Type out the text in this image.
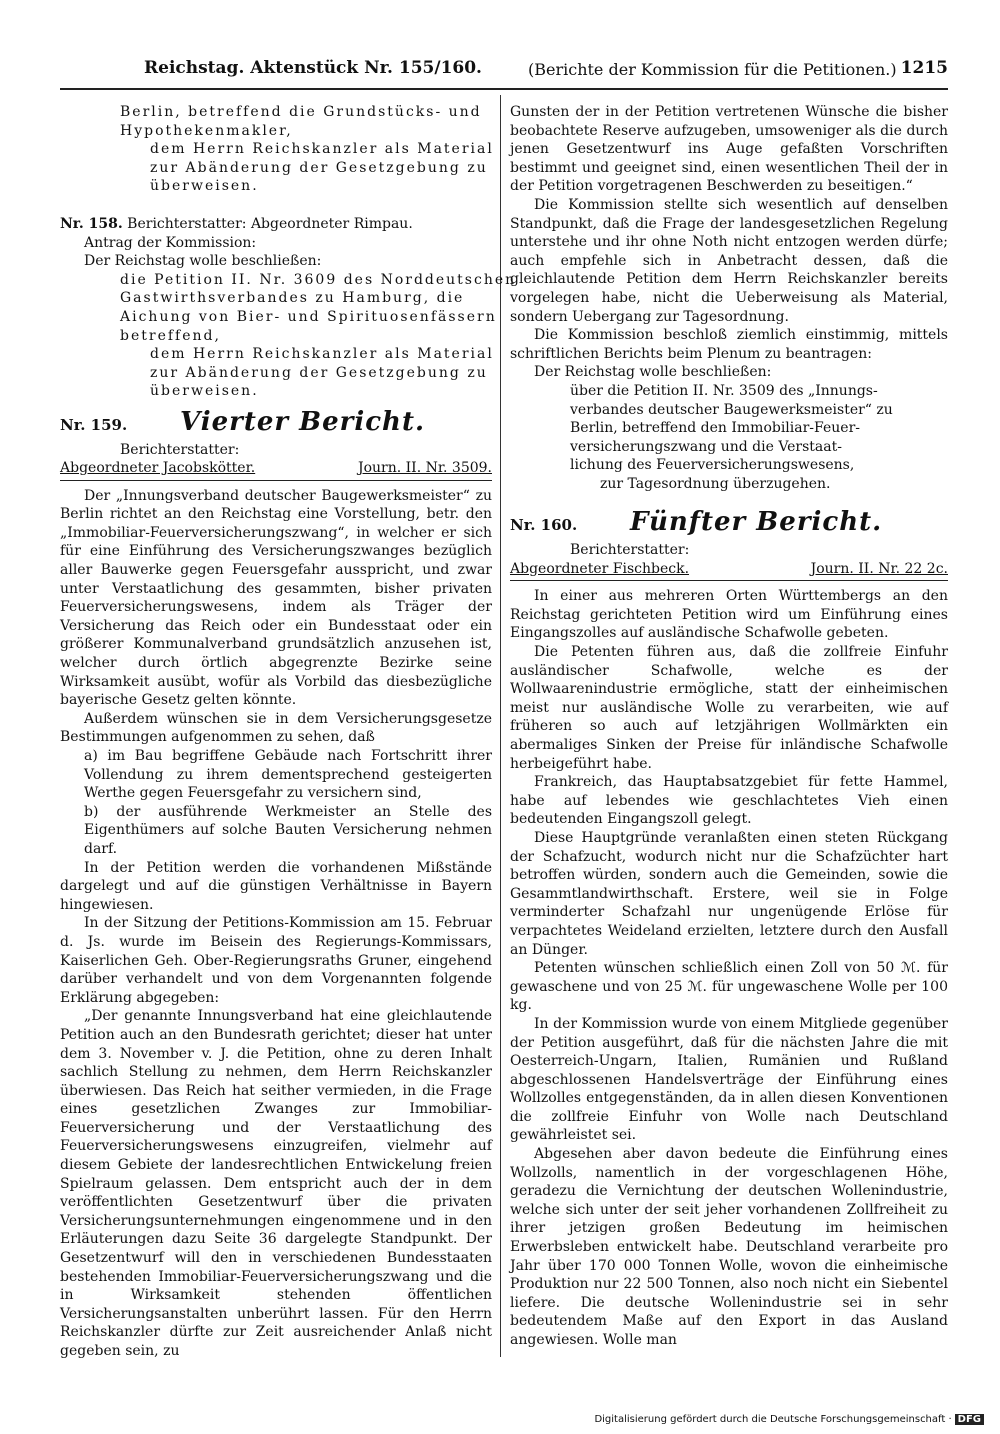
Reichstag. Aktenstück Nr. 155/160.	(Berichte der Kommission für die Petitionen.) 1215
Berlin, betreffend die Grundstücks- und
Hypothekenmakler,
dem Herrn Reichskanzler als Material
zur Abänderung der Gesetzgebung zu
überweisen.
Nr. 158. Berichterstatter: Abgeordneter Rimpau.
Antrag der Kommission:
Der Reichstag wolle beschließen:
die Petition II. Nr. 3609 des Norddeutschen
Gastwirthsverbandes zu Hamburg, die
Aichung von Bier- und Spirituosenfässern
betreffend,
dem Herrn Reichskanzler als Material
zur Abänderung der Gesetzgebung zu
überweisen.
Nr. 159.	Vierter Bericht.
Berichterstatter:
Abgeordneter Jacobskötter.	Journ. II. Nr. 3509.

Der „Innungsverband deutscher Baugewerksmeister“ zu Berlin richtet an den Reichstag eine Vorstellung, betr. den „Immobiliar-Feuerversicherungszwang“, in welcher er sich für eine Einführung des Versicherungszwanges bezüglich aller Bauwerke gegen Feuersgefahr ausspricht, und zwar unter Verstaatlichung des gesammten, bisher privaten Feuerversicherungswesens, indem als Träger der Versicherung das Reich oder ein Bundesstaat oder ein größerer Kommunalverband grundsätzlich anzusehen ist, welcher durch örtlich abgegrenzte Bezirke seine Wirksamkeit ausübt, wofür als Vorbild das diesbezügliche bayerische Gesetz gelten könnte.

Außerdem wünschen sie in dem Versicherungsgesetze Bestimmungen aufgenommen zu sehen, daß

a) im Bau begriffene Gebäude nach Fortschritt ihrer Vollendung zu ihrem dementsprechend gesteigerten Werthe gegen Feuersgefahr zu versichern sind,

b) der ausführende Werkmeister an Stelle des Eigenthümers auf solche Bauten Versicherung nehmen darf.

In der Petition werden die vorhandenen Mißstände dargelegt und auf die günstigen Verhältnisse in Bayern hingewiesen.

In der Sitzung der Petitions-Kommission am 15. Februar d. Js. wurde im Beisein des Regierungs-Kommissars, Kaiserlichen Geh. Ober-Regierungsraths Gruner, eingehend darüber verhandelt und von dem Vorgenannten folgende Erklärung abgegeben:

„Der genannte Innungsverband hat eine gleichlautende Petition auch an den Bundesrath gerichtet; dieser hat unter dem 3. November v. J. die Petition, ohne zu deren Inhalt sachlich Stellung zu nehmen, dem Herrn Reichskanzler überwiesen. Das Reich hat seither vermieden, in die Frage eines gesetzlichen Zwanges zur Immobiliar-Feuerversicherung und der Verstaatlichung des Feuerversicherungswesens einzugreifen, vielmehr auf diesem Gebiete der landesrechtlichen Entwickelung freien Spielraum gelassen. Dem entspricht auch der in dem veröffentlichten Gesetzentwurf über die privaten Versicherungsunternehmungen eingenommene und in den Erläuterungen dazu Seite 36 dargelegte Standpunkt. Der Gesetzentwurf will den in verschiedenen Bundesstaaten bestehenden Immobiliar-Feuerversicherungszwang und die in Wirksamkeit stehenden öffentlichen Versicherungsanstalten unberührt lassen. Für den Herrn Reichskanzler dürfte zur Zeit ausreichender Anlaß nicht gegeben sein, zu

Gunsten der in der Petition vertretenen Wünsche die bisher beobachtete Reserve aufzugeben, umsoweniger als die durch jenen Gesetzentwurf ins Auge gefaßten Vorschriften bestimmt und geeignet sind, einen wesentlichen Theil der in der Petition vorgetragenen Beschwerden zu beseitigen.“

Die Kommission stellte sich wesentlich auf denselben Standpunkt, daß die Frage der landesgesetzlichen Regelung unterstehe und ihr ohne Noth nicht entzogen werden dürfe; auch empfehle sich in Anbetracht dessen, daß die gleichlautende Petition dem Herrn Reichskanzler bereits vorgelegen habe, nicht die Ueberweisung als Material, sondern Uebergang zur Tagesordnung.

Die Kommission beschloß ziemlich einstimmig, mittels schriftlichen Berichts beim Plenum zu beantragen:

Der Reichstag wolle beschließen:
über die Petition II. Nr. 3509 des „Innungs-
verbandes deutscher Baugewerksmeister“ zu
Berlin, betreffend den Immobiliar-Feuer-
versicherungszwang und die Verstaat-
lichung des Feuerversicherungswesens,
zur Tagesordnung überzugehen.
Nr. 160.	Fünfter Bericht.
Berichterstatter:
Abgeordneter Fischbeck.	Journ. II. Nr. 22 2c.

In einer aus mehreren Orten Württembergs an den Reichstag gerichteten Petition wird um Einführung eines Eingangszolles auf ausländische Schafwolle gebeten.

Die Petenten führen aus, daß die zollfreie Einfuhr ausländischer Schafwolle, welche es der Wollwaarenindustrie ermögliche, statt der einheimischen meist nur ausländische Wolle zu verarbeiten, wie auf früheren so auch auf letzjährigen Wollmärkten ein abermaliges Sinken der Preise für inländische Schafwolle herbeigeführt habe.

Frankreich, das Hauptabsatzgebiet für fette Hammel, habe auf lebendes wie geschlachtetes Vieh einen bedeutenden Eingangszoll gelegt.

Diese Hauptgründe veranlaßten einen steten Rückgang der Schafzucht, wodurch nicht nur die Schafzüchter hart betroffen würden, sondern auch die Gemeinden, sowie die Gesammtlandwirthschaft. Erstere, weil sie in Folge verminderter Schafzahl nur ungenügende Erlöse für verpachtetes Weideland erzielten, letztere durch den Ausfall an Dünger.

Petenten wünschen schließlich einen Zoll von 50 ℳ. für gewaschene und von 25 ℳ. für ungewaschene Wolle per 100 kg.

In der Kommission wurde von einem Mitgliede gegenüber der Petition ausgeführt, daß für die nächsten Jahre die mit Oesterreich-Ungarn, Italien, Rumänien und Rußland abgeschlossenen Handelsverträge der Einführung eines Wollzolles entgegenständen, da in allen diesen Konventionen die zollfreie Einfuhr von Wolle nach Deutschland gewährleistet sei.

Abgesehen aber davon bedeute die Einführung eines Wollzolls, namentlich in der vorgeschlagenen Höhe, geradezu die Vernichtung der deutschen Wollenindustrie, welche sich unter der seit jeher vorhandenen Zollfreiheit zu ihrer jetzigen großen Bedeutung im heimischen Erwerbsleben entwickelt habe. Deutschland verarbeite pro Jahr über 170 000 Tonnen Wolle, wovon die einheimische Produktion nur 22 500 Tonnen, also noch nicht ein Siebentel liefere. Die deutsche Wollenindustrie sei in sehr bedeutendem Maße auf den Export in das Ausland angewiesen. Wolle man

Digitalisierung gefördert durch die Deutsche Forschungsgemeinschaft · DFG
